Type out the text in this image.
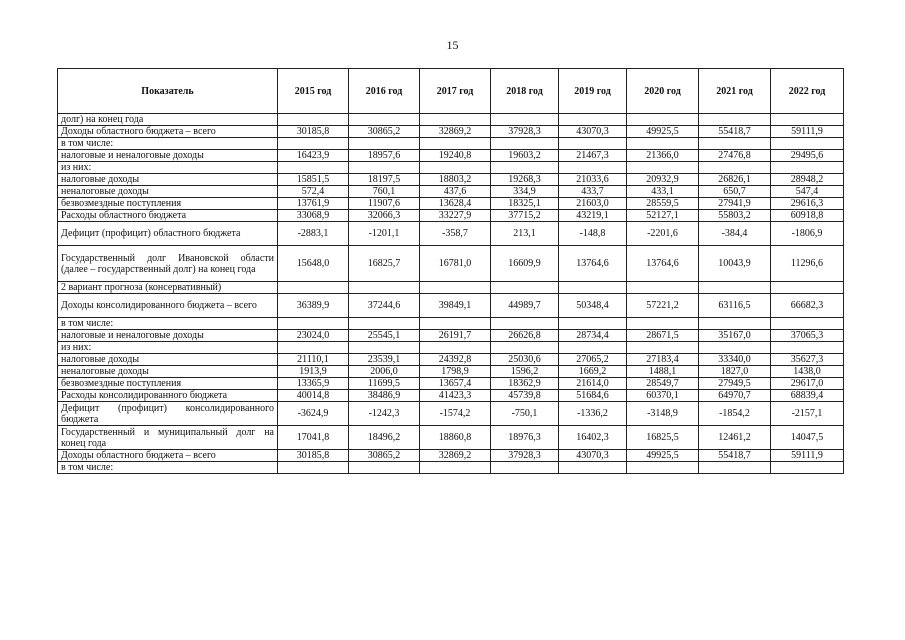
15
Показатель	2015 год	2016 год	2017 год	2018 год	2019 год	2020 год	2021 год	2022 год
долг) на конец года								
Доходы областного бюджета – всего	30185,8	30865,2	32869,2	37928,3	43070,3	49925,5	55418,7	59111,9
в том числе:								
налоговые и неналоговые доходы	16423,9	18957,6	19240,8	19603,2	21467,3	21366,0	27476,8	29495,6
из них:								
налоговые доходы	15851,5	18197,5	18803,2	19268,3	21033,6	20932,9	26826,1	28948,2
неналоговые доходы	572,4	760,1	437,6	334,9	433,7	433,1	650,7	547,4
безвозмездные поступления	13761,9	11907,6	13628,4	18325,1	21603,0	28559,5	27941,9	29616,3
Расходы областного бюджета	33068,9	32066,3	33227,9	37715,2	43219,1	52127,1	55803,2	60918,8
Дефицит (профицит) областного бюджета	-2883,1	-1201,1	-358,7	213,1	-148,8	-2201,6	-384,4	-1806,9
Государственный долг Ивановской области (далее – государственный долг) на конец года	15648,0	16825,7	16781,0	16609,9	13764,6	13764,6	10043,9	11296,6
2 вариант прогноза (консервативный)								
Доходы консолидированного бюджета – всего	36389,9	37244,6	39849,1	44989,7	50348,4	57221,2	63116,5	66682,3
в том числе:								
налоговые и неналоговые доходы	23024,0	25545,1	26191,7	26626,8	28734,4	28671,5	35167,0	37065,3
из них:								
налоговые доходы	21110,1	23539,1	24392,8	25030,6	27065,2	27183,4	33340,0	35627,3
неналоговые доходы	1913,9	2006,0	1798,9	1596,2	1669,2	1488,1	1827,0	1438,0
безвозмездные поступления	13365,9	11699,5	13657,4	18362,9	21614,0	28549,7	27949,5	29617,0
Расходы консолидированного бюджета	40014,8	38486,9	41423,3	45739,8	51684,6	60370,1	64970,7	68839,4
Дефицит (профицит) консолидированного бюджета	-3624,9	-1242,3	-1574,2	-750,1	-1336,2	-3148,9	-1854,2	-2157,1
Государственный и муниципальный долг на конец года	17041,8	18496,2	18860,8	18976,3	16402,3	16825,5	12461,2	14047,5
Доходы областного бюджета – всего	30185,8	30865,2	32869,2	37928,3	43070,3	49925,5	55418,7	59111,9
в том числе:								
